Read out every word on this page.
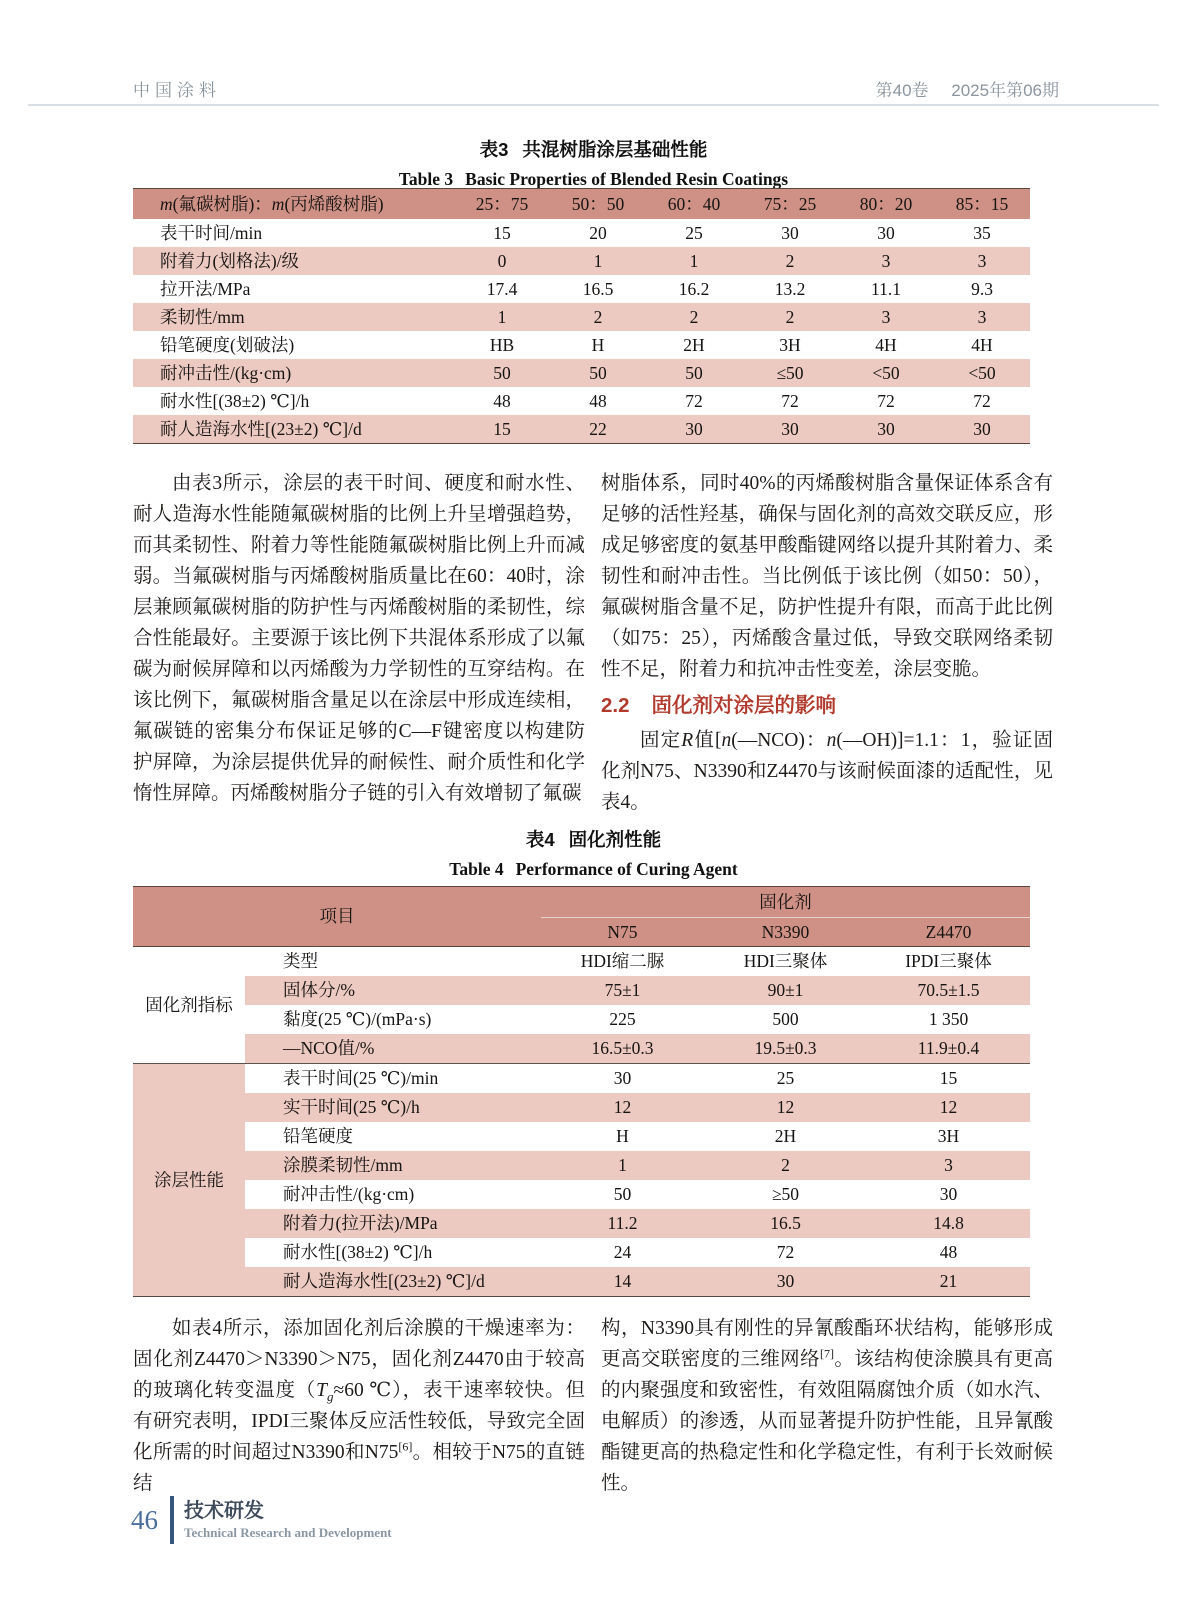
中国涂料	第40卷 2025年第06期
表3 共混树脂涂层基础性能
Table 3 Basic Properties of Blended Resin Coatings
m(氟碳树脂)：m(丙烯酸树脂)	25：75	50：50	60：40	75：25	80：20	85：15
表干时间/min	15	20	25	30	30	35
附着力(划格法)/级	0	1	1	2	3	3
拉开法/MPa	17.4	16.5	16.2	13.2	11.1	9.3
柔韧性/mm	1	2	2	2	3	3
铅笔硬度(划破法)	HB	H	2H	3H	4H	4H
耐冲击性/(kg·cm)	50	50	50	≤50	<50	<50
耐水性[(38±2) ℃]/h	48	48	72	72	72	72
耐人造海水性[(23±2) ℃]/d	15	22	30	30	30	30

由表3所示，涂层的表干时间、硬度和耐水性、耐人造海水性能随氟碳树脂的比例上升呈增强趋势，而其柔韧性、附着力等性能随氟碳树脂比例上升而减弱。当氟碳树脂与丙烯酸树脂质量比在60：40时，涂层兼顾氟碳树脂的防护性与丙烯酸树脂的柔韧性，综合性能最好。主要源于该比例下共混体系形成了以氟碳为耐候屏障和以丙烯酸为力学韧性的互穿结构。在该比例下，氟碳树脂含量足以在涂层中形成连续相，氟碳链的密集分布保证足够的C—F键密度以构建防护屏障，为涂层提供优异的耐候性、耐介质性和化学惰性屏障。丙烯酸树脂分子链的引入有效增韧了氟碳

树脂体系，同时40%的丙烯酸树脂含量保证体系含有足够的活性羟基，确保与固化剂的高效交联反应，形成足够密度的氨基甲酸酯键网络以提升其附着力、柔韧性和耐冲击性。当比例低于该比例（如50：50），氟碳树脂含量不足，防护性提升有限，而高于此比例（如75：25），丙烯酸含量过低，导致交联网络柔韧性不足，附着力和抗冲击性变差，涂层变脆。

2.2 固化剂对涂层的影响

固定R值[n(—NCO)：n(—OH)]=1.1：1，验证固化剂N75、N3390和Z4470与该耐候面漆的适配性，见表4。

表4 固化剂性能
Table 4 Performance of Curing Agent
项目		固化剂		
		N75	N3390	Z4470
固化剂指标	类型	HDI缩二脲	HDI三聚体	IPDI三聚体
	固体分/%	75±1	90±1	70.5±1.5
	黏度(25 ℃)/(mPa·s)	225	500	1 350
	—NCO值/%	16.5±0.3	19.5±0.3	11.9±0.4
涂层性能	表干时间(25 ℃)/min	30	25	15
	实干时间(25 ℃)/h	12	12	12
	铅笔硬度	H	2H	3H
	涂膜柔韧性/mm	1	2	3
	耐冲击性/(kg·cm)	50	≥50	30
	附着力(拉开法)/MPa	11.2	16.5	14.8
	耐水性[(38±2) ℃]/h	24	72	48
	耐人造海水性[(23±2) ℃]/d	14	30	21

如表4所示，添加固化剂后涂膜的干燥速率为：固化剂Z4470＞N3390＞N75，固化剂Z4470由于较高的玻璃化转变温度（$T_g\approx 60$ ℃），表干速率较快。但有研究表明，IPDI三聚体反应活性较低，导致完全固化所需的时间超过N3390和N75[6]。相较于N75的直链结

构，N3390具有刚性的异氰酸酯环状结构，能够形成更高交联密度的三维网络[7]。该结构使涂膜具有更高的内聚强度和致密性，有效阻隔腐蚀介质（如水汽、电解质）的渗透，从而显著提升防护性能，且异氰酸酯键更高的热稳定性和化学稳定性，有利于长效耐候性。

46 技术研发
Technical Research and Development
